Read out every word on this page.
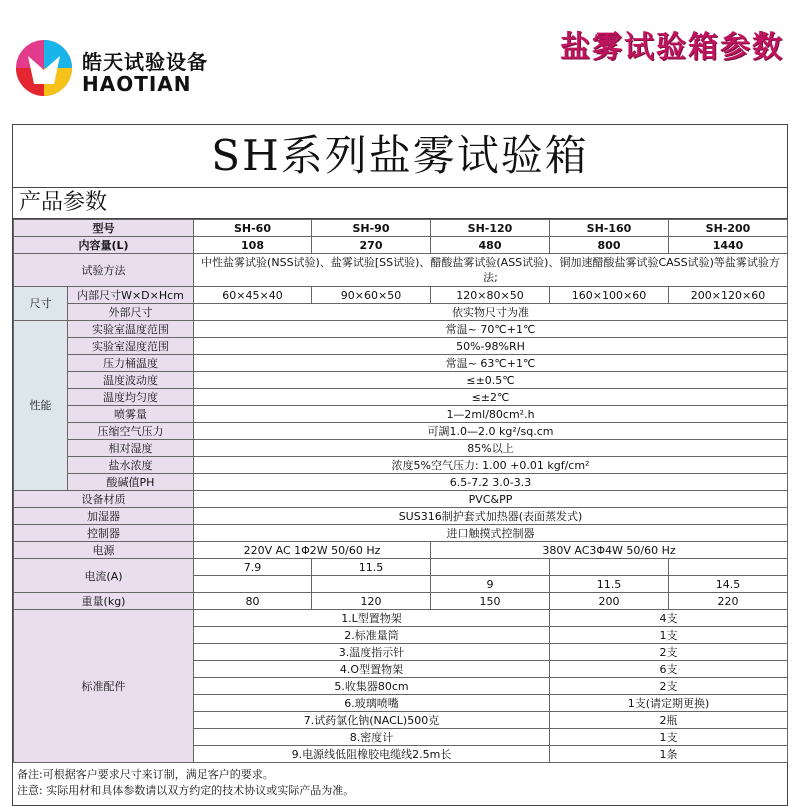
皓天试验设备
HAOTIAN
盐雾试验箱参数
SH系列盐雾试验箱
产品参数
型号		SH-60	SH-90	SH-120	SH-160	SH-200
内容量(L)		108	270	480	800	1440
试验方法		中性盐雾试验(NSS试验)、盐雾试验[SS试验)、醋酸盐雾试验(ASS试验)、铜加速醋酸盐雾试验CASS试验)等盐雾试验方法;				
尺寸	内部尺寸W×D×Hcm	60×45×40	90×60×50	120×80×50	160×100×60	200×120×60
	外部尺寸	依实物尺寸为准				
性能	实验室温度范围	常温~ 70℃+1℃				
	实验室湿度范围	50%-98%RH				
	压力桶温度	常温~ 63℃+1℃				
	温度波动度	≤±0.5℃				
	温度均匀度	≤±2℃				
	喷雾量	1—2ml/80cm².h				
	压缩空气压力	可調1.0—2.0 kg²/sq.cm				
	相对湿度	85%以上				
	盐水浓度	浓度5%空气压力: 1.00 +0.01 kgf/cm²				
	酸碱值PH	6.5-7.2 3.0-3.3				
设备材质		PVC&PP				
加湿器		SUS316制护套式加热器(表面蒸发式)				
控制器		进口触摸式控制器				
电源		220V AC 1Φ2W 50/60 Hz		380V AC3Φ4W 50/60 Hz		
电流(A)		7.9	11.5			
				9	11.5	14.5
重量(kg)		80	120	150	200	220
标准配件		1.L型置物架			4支	
		2.标准量筒			1支	
		3.温度指示针			2支	
		4.O型置物架			6支	
		5.收集器80cm			2支	
		6.玻璃喷嘴			1支(请定期更换)	
		7.试药氯化钠(NACL)500克			2瓶	
		8.密度计			1支	
		9.电源线低阻橡胶电缆线2.5m长			1条	
备注:可根据客户要求尺寸来订制，满足客户的要求。
注意: 实际用材和具体参数请以双方约定的技术协议或实际产品为准。
